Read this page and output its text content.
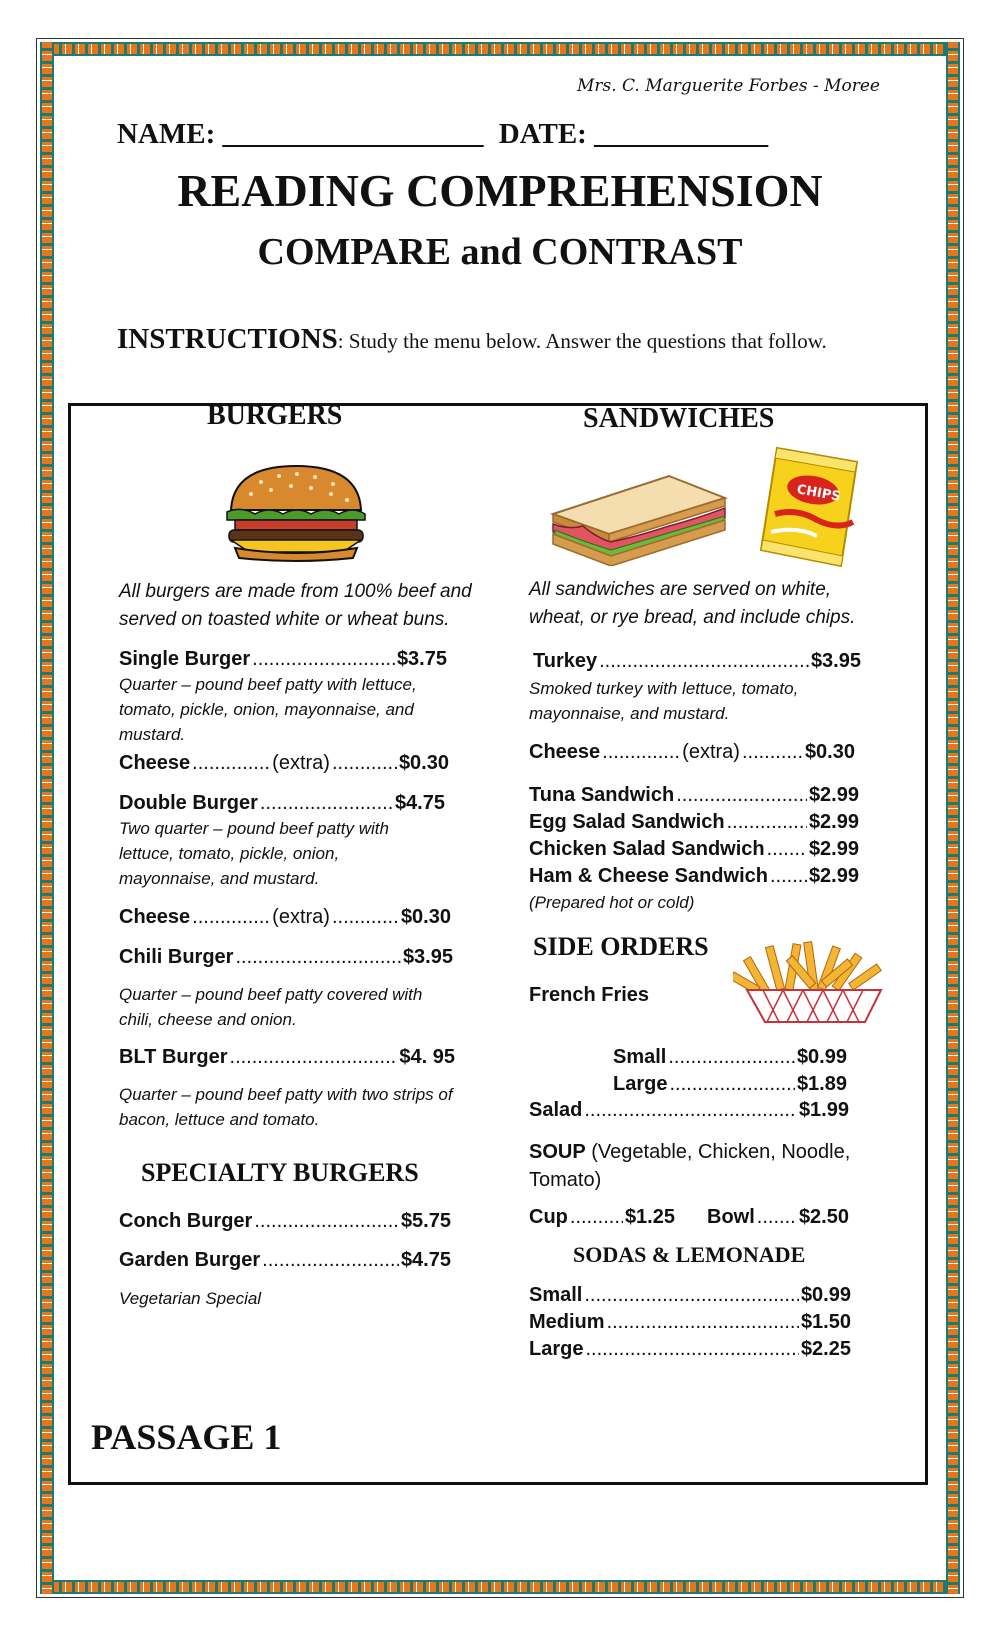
Mrs. C. Marguerite Forbes - Moree
NAME: __________________ DATE: ____________
READING COMPREHENSION
COMPARE and CONTRAST
INSTRUCTIONS: Study the menu below. Answer the questions that follow.
BURGERS
All burgers are made from 100% beef and served on toasted white or wheat buns.
Single Burger .....	$3.75
Quarter – pound beef patty with lettuce, tomato, pickle, onion, mayonnaise, and mustard.
Cheese .....	(extra) .....	$0.30
Double Burger .....	$4.75
Two quarter – pound beef patty with lettuce, tomato, pickle, onion, mayonnaise, and mustard.
Cheese .....	(extra) .....	$0.30
Chili Burger .....	$3.95
Quarter – pound beef patty covered with chili, cheese and onion.
BLT Burger .....	$4. 95
Quarter – pound beef patty with two strips of bacon, lettuce and tomato.
SPECIALTY BURGERS
Conch Burger .....	$5.75
Garden Burger .....	$4.75
Vegetarian Special
PASSAGE 1
SANDWICHES
CHIPS
All sandwiches are served on white, wheat, or rye bread, and include chips.
Turkey .....	$3.95
Smoked turkey with lettuce, tomato, mayonnaise, and mustard.
Cheese .....	(extra) .....	$0.30
Tuna Sandwich .....	$2.99
Egg Salad Sandwich .....	$2.99
Chicken Salad Sandwich ..... $2.99
Ham & Cheese Sandwich ..... $2.99
(Prepared hot or cold)
SIDE ORDERS
French Fries
Small .....	$0.99
Large .....	$1.89
Salad .....	$1.99
SOUP (Vegetable, Chicken, Noodle, Tomato)
Cup .....	$1.25 Bowl ..... $2.50
SODAS & LEMONADE
Small .....	$0.99
Medium .....	$1.50
Large .....	$2.25
